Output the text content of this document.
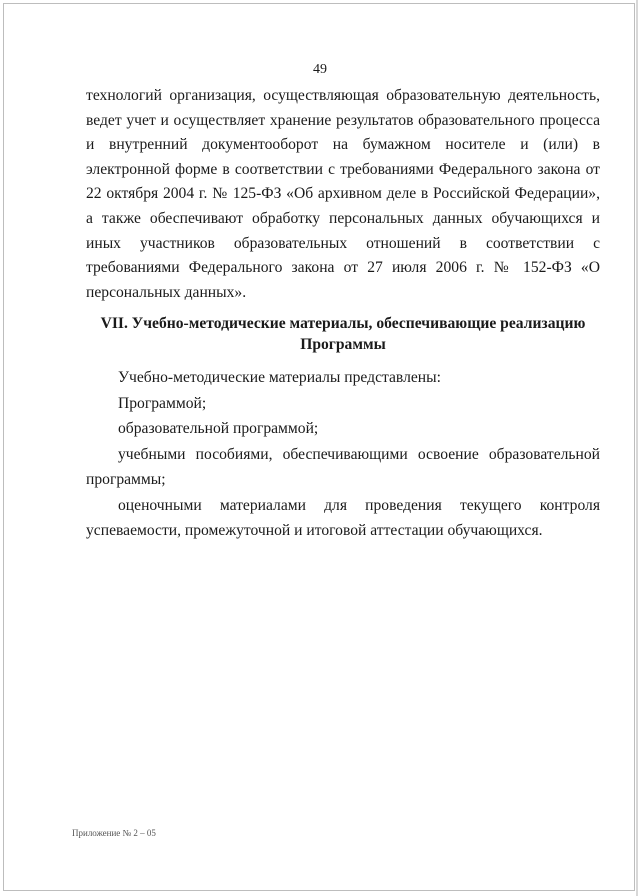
49

технологий организация, осуществляющая образовательную деятельность, ведет учет и осуществляет хранение результатов образовательного процесса и внутренний документооборот на бумажном носителе и (или) в электронной форме в соответствии с требованиями Федерального закона от 22 октября 2004 г. № 125-ФЗ «Об архивном деле в Российской Федерации», а также обеспечивают обработку персональных данных обучающихся и иных участников образовательных отношений в соответствии с требованиями Федерального закона от 27 июля 2006 г. № 152-ФЗ «О персональных данных».

VII. Учебно-методические материалы, обеспечивающие реализацию Программы

Учебно-методические материалы представлены:

Программой;

образовательной программой;

учебными пособиями, обеспечивающими освоение образовательной программы;

оценочными материалами для проведения текущего контроля успеваемости, промежуточной и итоговой аттестации обучающихся.

Приложение № 2 – 05
